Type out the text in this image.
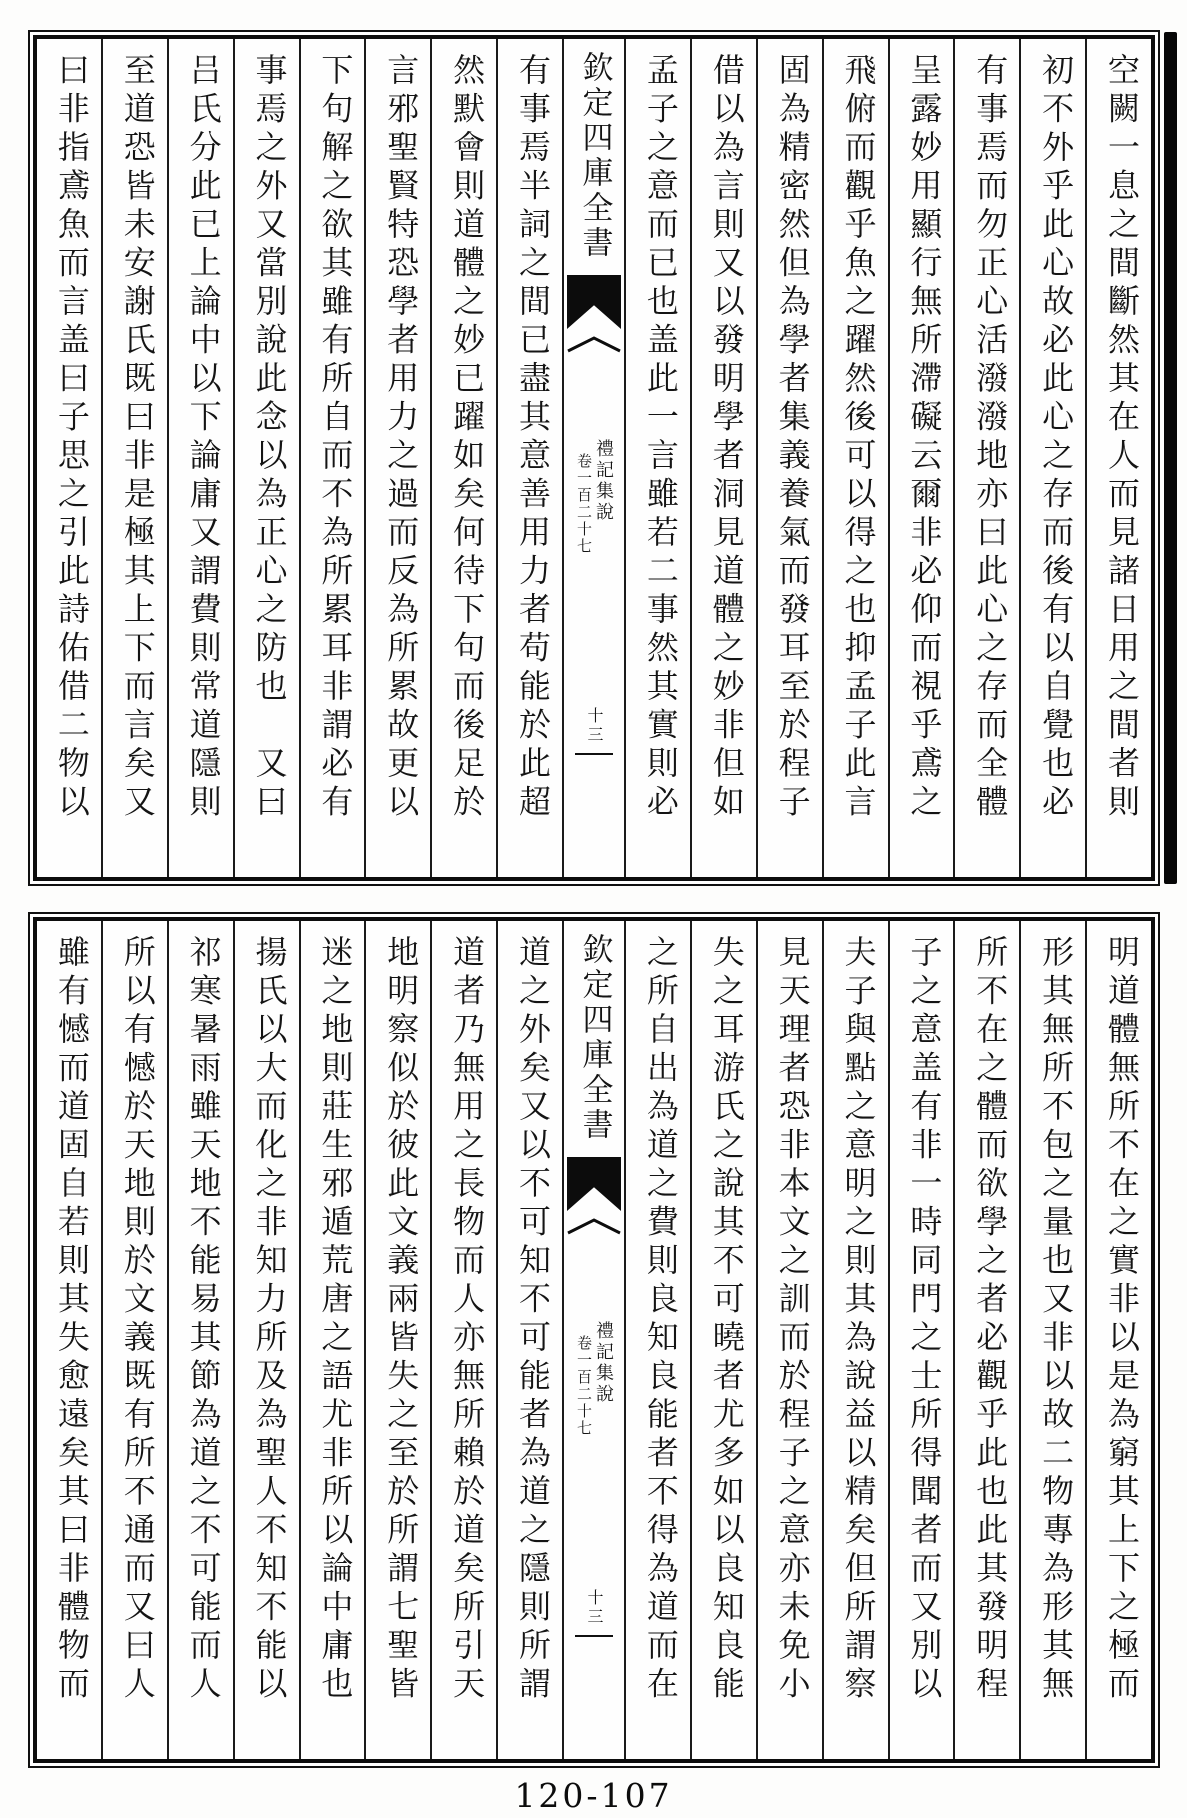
空闕一息之間斷然其在人而見諸日用之間者則
初不外乎此心故必此心之存而後有以自覺也必
有事焉而勿正心活潑潑地亦曰此心之存而全體
呈露妙用顯行無所滯礙云爾非必仰而視乎鳶之
飛俯而觀乎魚之躍然後可以得之也抑孟子此言
固為精密然但為學者集義養氣而發耳至於程子
借以為言則又以發明學者洞見道體之妙非但如
孟子之意而已也盖此一言雖若二事然其實則必
欽定四庫全書
禮記集說
卷一百二十七
十三
有事焉半詞之間已盡其意善用力者苟能於此超
然默會則道體之妙已躍如矣何待下句而後足於
言邪聖賢特恐學者用力之過而反為所累故更以
下句解之欲其雖有所自而不為所累耳非謂必有
事焉之外又當別說此念以為正心之防也　又曰
吕氏分此已上論中以下論庸又謂費則常道隱則
至道恐皆未安謝氏既曰非是極其上下而言矣又
曰非指鳶魚而言盖曰子思之引此詩佑借二物以
明道體無所不在之實非以是為窮其上下之極而
形其無所不包之量也又非以故二物專為形其無
所不在之體而欲學之者必觀乎此也此其發明程
子之意盖有非一時同門之士所得聞者而又別以
夫子與點之意明之則其為說益以精矣但所謂察
見天理者恐非本文之訓而於程子之意亦未免小
失之耳游氏之說其不可曉者尤多如以良知良能
之所自出為道之費則良知良能者不得為道而在
欽定四庫全書
禮記集說
卷一百二十七
十三
道之外矣又以不可知不可能者為道之隱則所謂
道者乃無用之長物而人亦無所賴於道矣所引天
地明察似於彼此文義兩皆失之至於所謂七聖皆
迷之地則莊生邪遁荒唐之語尤非所以論中庸也
揚氏以大而化之非知力所及為聖人不知不能以
祁寒暑雨雖天地不能易其節為道之不可能而人
所以有憾於天地則於文義既有所不通而又曰人
雖有憾而道固自若則其失愈遠矣其曰非體物而
120-107
